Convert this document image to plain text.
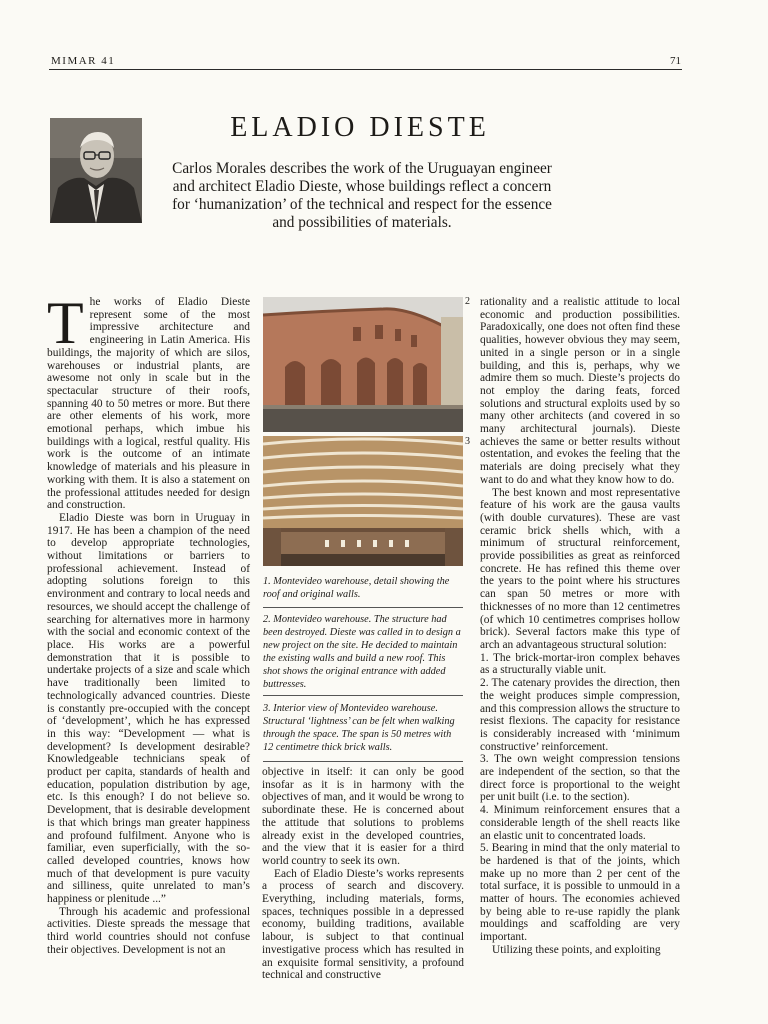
MIMAR 41	71
ELADIO DIESTE

Carlos Morales describes the work of the Uruguayan engineer and architect Eladio Dieste, whose buildings reflect a concern for ‘humanization’ of the technical and respect for the essence and possibilities of materials.

The works of Eladio Dieste represent some of the most impressive architecture and engineering in Latin America. His buildings, the majority of which are silos, warehouses or industrial plants, are awesome not only in scale but in the spectacular structure of their roofs, spanning 40 to 50 metres or more. But there are other elements of his work, more emotional perhaps, which imbue his buildings with a logical, restful quality. His work is the outcome of an intimate knowledge of materials and his pleasure in working with them. It is also a statement on the professional attitudes needed for design and construction.

Eladio Dieste was born in Uruguay in 1917. He has been a champion of the need to develop appropriate technologies, without limitations or barriers to professional achievement. Instead of adopting solutions foreign to this environment and contrary to local needs and resources, we should accept the challenge of searching for alternatives more in harmony with the social and economic context of the place. His works are a powerful demonstration that it is possible to undertake projects of a size and scale which have traditionally been limited to technologically advanced countries. Dieste is constantly pre-occupied with the concept of ‘development’, which he has expressed in this way: “Development — what is development? Is development desirable? Knowledgeable technicians speak of product per capita, standards of health and education, population distribution by age, etc. Is this enough? I do not believe so. Development, that is desirable development is that which brings man greater happiness and profound fulfilment. Anyone who is familiar, even superficially, with the so-called developed countries, knows how much of that development is pure vacuity and silliness, quite unrelated to man’s happiness or plenitude ...”

Through his academic and professional activities. Dieste spreads the message that third world countries should not confuse their objectives. Development is not an

2
3

1. Montevideo warehouse, detail showing the roof and original walls.

2. Montevideo warehouse. The structure had been destroyed. Dieste was called in to design a new project on the site. He decided to maintain the existing walls and build a new roof. This shot shows the original entrance with added buttresses.

3. Interior view of Montevideo warehouse. Structural ‘lightness’ can be felt when walking through the space. The span is 50 metres with 12 centimetre thick brick walls.

objective in itself: it can only be good insofar as it is in harmony with the objectives of man, and it would be wrong to subordinate these. He is concerned about the attitude that solutions to problems already exist in the developed countries, and the view that it is easier for a third world country to seek its own.

Each of Eladio Dieste’s works represents a process of search and discovery. Everything, including materials, forms, spaces, techniques possible in a depressed economy, building traditions, available labour, is subject to that continual investigative process which has resulted in an exquisite formal sensitivity, a profound technical and constructive

rationality and a realistic attitude to local economic and production possibilities. Paradoxically, one does not often find these qualities, however obvious they may seem, united in a single person or in a single building, and this is, perhaps, why we admire them so much. Dieste’s projects do not employ the daring feats, forced solutions and structural exploits used by so many other architects (and covered in so many architectural journals). Dieste achieves the same or better results without ostentation, and evokes the feeling that the materials are doing precisely what they want to do and what they know how to do.

The best known and most representative feature of his work are the gausa vaults (with double curvatures). These are vast ceramic brick shells which, with a minimum of structural reinforcement, provide possibilities as great as reinforced concrete. He has refined this theme over the years to the point where his structures can span 50 metres or more with thicknesses of no more than 12 centimetres (of which 10 centimetres comprises hollow brick). Several factors make this type of arch an advantageous structural solution:

1. The brick-mortar-iron complex behaves as a structurally viable unit.

2. The catenary provides the direction, then the weight produces simple compression, and this compression allows the structure to resist flexions. The capacity for resistance is considerably increased with ‘minimum constructive’ reinforcement.

3. The own weight compression tensions are independent of the section, so that the direct force is proportional to the weight per unit built (i.e. to the section).

4. Minimum reinforcement ensures that a considerable length of the shell reacts like an elastic unit to concentrated loads.

5. Bearing in mind that the only material to be hardened is that of the joints, which make up no more than 2 per cent of the total surface, it is possible to unmould in a matter of hours. The economies achieved by being able to re-use rapidly the plank mouldings and scaffolding are very important.

Utilizing these points, and exploiting
